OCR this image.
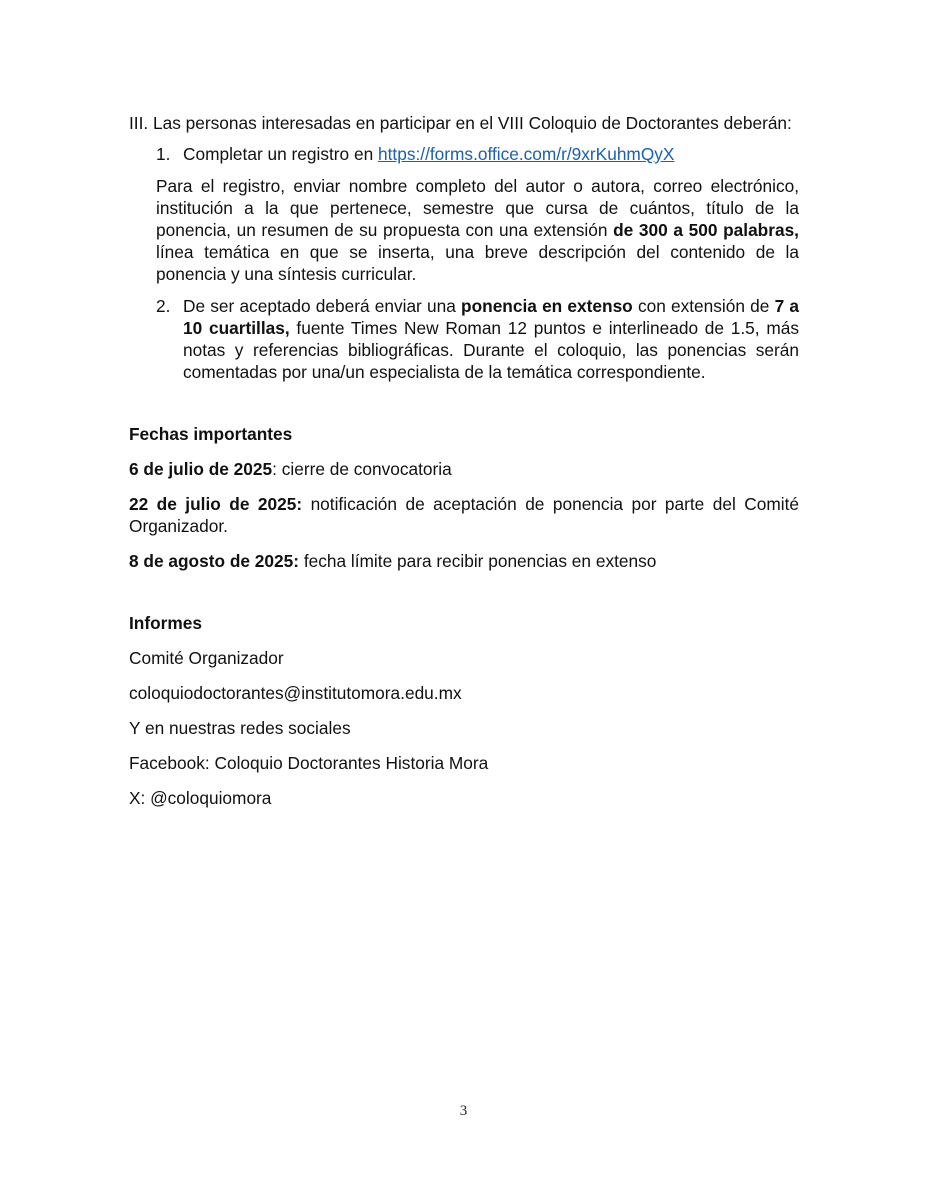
III. Las personas interesadas en participar en el VIII Coloquio de Doctorantes deberán:

1. Completar un registro en https://forms.office.com/r/9xrKuhmQyX

Para el registro, enviar nombre completo del autor o autora, correo electrónico, institución a la que pertenece, semestre que cursa de cuántos, título de la ponencia, un resumen de su propuesta con una extensión de 300 a 500 palabras, línea temática en que se inserta, una breve descripción del contenido de la ponencia y una síntesis curricular.

2. De ser aceptado deberá enviar una ponencia en extenso con extensión de 7 a 10 cuartillas, fuente Times New Roman 12 puntos e interlineado de 1.5, más notas y referencias bibliográficas. Durante el coloquio, las ponencias serán comentadas por una/un especialista de la temática correspondiente.

Fechas importantes

6 de julio de 2025: cierre de convocatoria

22 de julio de 2025: notificación de aceptación de ponencia por parte del Comité Organizador.

8 de agosto de 2025: fecha límite para recibir ponencias en extenso

Informes

Comité Organizador

coloquiodoctorantes@institutomora.edu.mx

Y en nuestras redes sociales

Facebook: Coloquio Doctorantes Historia Mora

X: @coloquiomora

3
